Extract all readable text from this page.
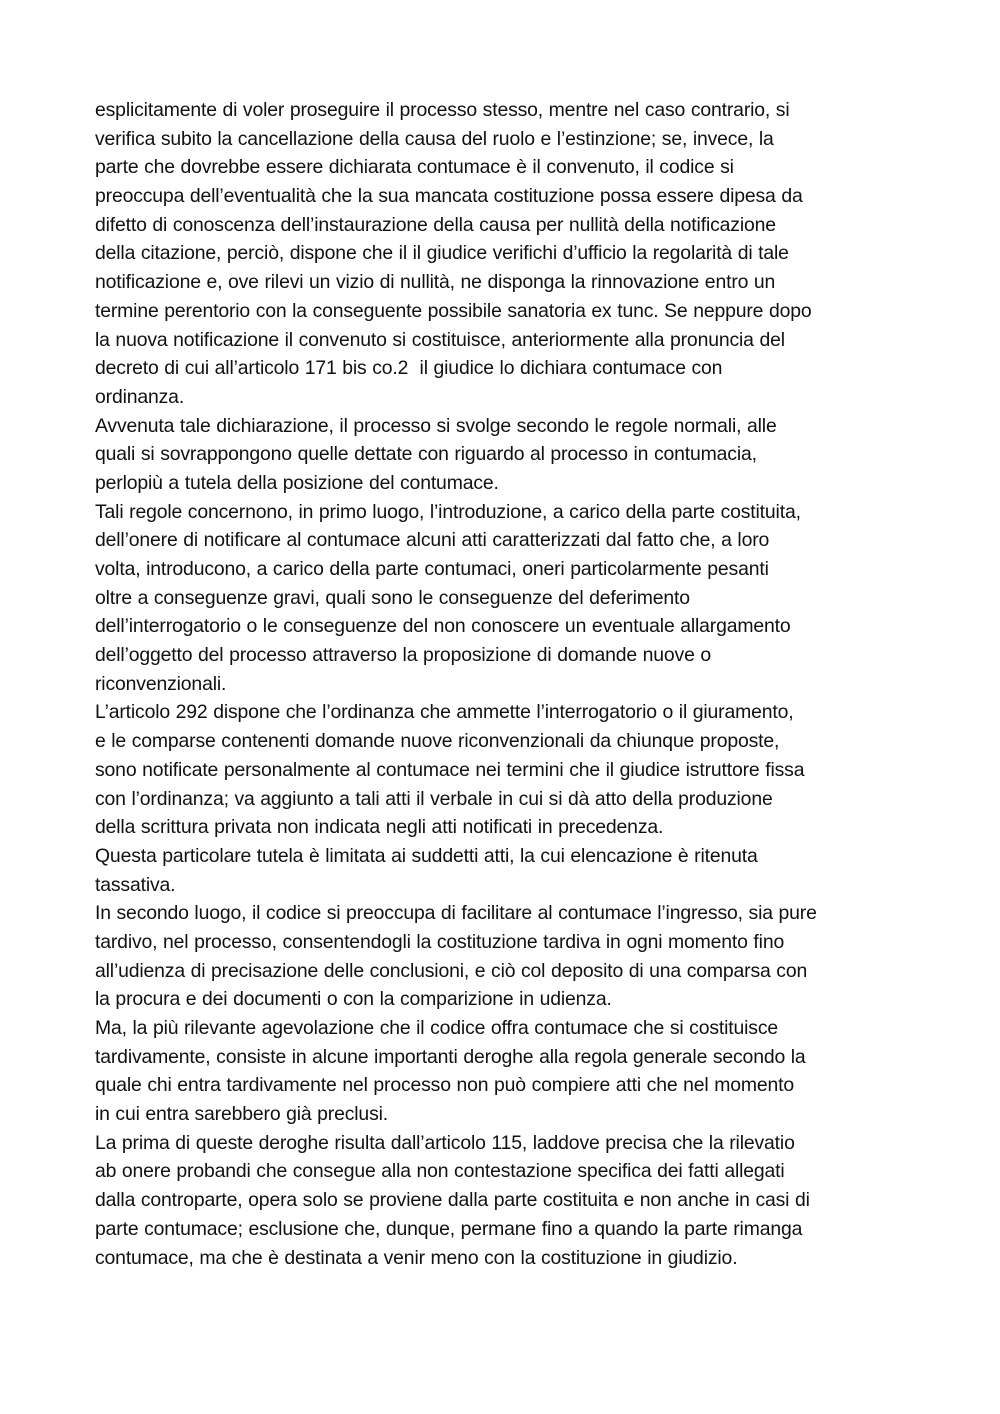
esplicitamente di voler proseguire il processo stesso, mentre nel caso contrario, si
verifica subito la cancellazione della causa del ruolo e l’estinzione; se, invece, la
parte che dovrebbe essere dichiarata contumace è il convenuto, il codice si
preoccupa dell’eventualità che la sua mancata costituzione possa essere dipesa da
difetto di conoscenza dell’instaurazione della causa per nullità della notificazione
della citazione, perciò, dispone che il il giudice verifichi d’ufficio la regolarità di tale
notificazione e, ove rilevi un vizio di nullità, ne disponga la rinnovazione entro un
termine perentorio con la conseguente possibile sanatoria ex tunc. Se neppure dopo
la nuova notificazione il convenuto si costituisce, anteriormente alla pronuncia del
decreto di cui all’articolo 171 bis co.2  il giudice lo dichiara contumace con
ordinanza.
Avvenuta tale dichiarazione, il processo si svolge secondo le regole normali, alle
quali si sovrappongono quelle dettate con riguardo al processo in contumacia,
perlopiù a tutela della posizione del contumace.
Tali regole concernono, in primo luogo, l’introduzione, a carico della parte costituita,
dell’onere di notificare al contumace alcuni atti caratterizzati dal fatto che, a loro
volta, introducono, a carico della parte contumaci, oneri particolarmente pesanti
oltre a conseguenze gravi, quali sono le conseguenze del deferimento
dell’interrogatorio o le conseguenze del non conoscere un eventuale allargamento
dell’oggetto del processo attraverso la proposizione di domande nuove o
riconvenzionali.
L’articolo 292 dispone che l’ordinanza che ammette l’interrogatorio o il giuramento,
e le comparse contenenti domande nuove riconvenzionali da chiunque proposte,
sono notificate personalmente al contumace nei termini che il giudice istruttore fissa
con l’ordinanza; va aggiunto a tali atti il verbale in cui si dà atto della produzione
della scrittura privata non indicata negli atti notificati in precedenza.
Questa particolare tutela è limitata ai suddetti atti, la cui elencazione è ritenuta
tassativa.
In secondo luogo, il codice si preoccupa di facilitare al contumace l’ingresso, sia pure
tardivo, nel processo, consentendogli la costituzione tardiva in ogni momento fino
all’udienza di precisazione delle conclusioni, e ciò col deposito di una comparsa con
la procura e dei documenti o con la comparizione in udienza.
Ma, la più rilevante agevolazione che il codice offra contumace che si costituisce
tardivamente, consiste in alcune importanti deroghe alla regola generale secondo la
quale chi entra tardivamente nel processo non può compiere atti che nel momento
in cui entra sarebbero già preclusi.
La prima di queste deroghe risulta dall’articolo 115, laddove precisa che la rilevatio
ab onere probandi che consegue alla non contestazione specifica dei fatti allegati
dalla controparte, opera solo se proviene dalla parte costituita e non anche in casi di
parte contumace; esclusione che, dunque, permane fino a quando la parte rimanga
contumace, ma che è destinata a venir meno con la costituzione in giudizio.
